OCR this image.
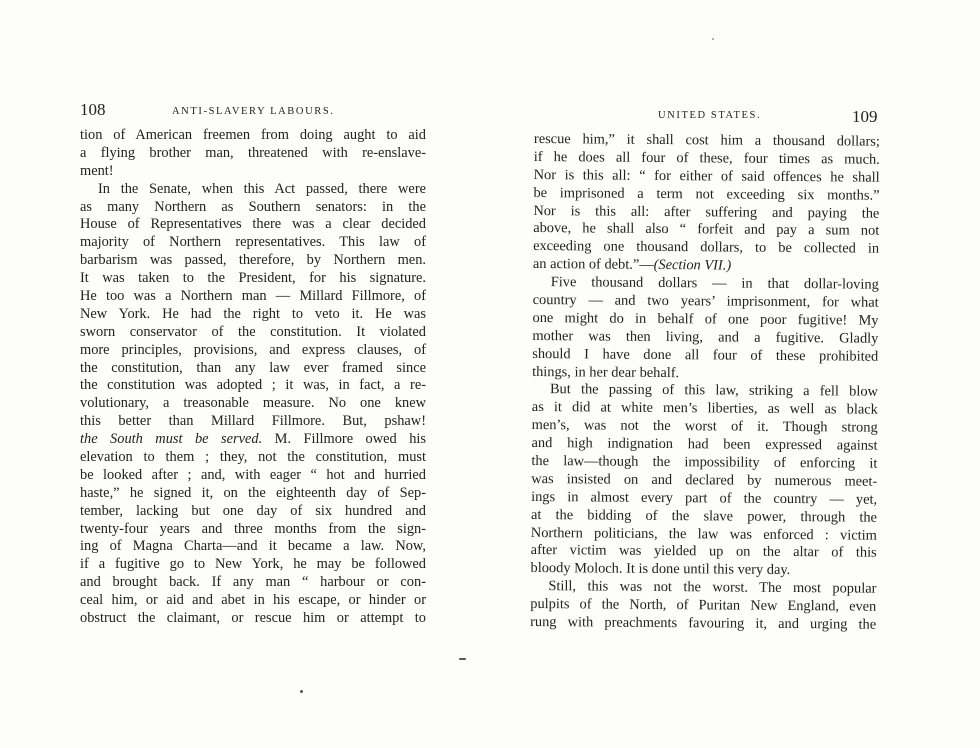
108	ANTI-SLAVERY LABOURS.
tion of American freemen from doing aught to aid
a flying brother man, threatened with re-enslave-
ment!
In the Senate, when this Act passed, there were
as many Northern as Southern senators: in the
House of Representatives there was a clear decided
majority of Northern representatives. This law of
barbarism was passed, therefore, by Northern men.
It was taken to the President, for his signature.
He too was a Northern man — Millard Fillmore, of
New York. He had the right to veto it. He was
sworn conservator of the constitution. It violated
more principles, provisions, and express clauses, of
the constitution, than any law ever framed since
the constitution was adopted ; it was, in fact, a re-
volutionary, a treasonable measure. No one knew
this better than Millard Fillmore. But, pshaw!
the South must be served. M. Fillmore owed his
elevation to them ; they, not the constitution, must
be looked after ; and, with eager “ hot and hurried
haste,” he signed it, on the eighteenth day of Sep-
tember, lacking but one day of six hundred and
twenty-four years and three months from the sign-
ing of Magna Charta—and it became a law. Now,
if a fugitive go to New York, he may be followed
and brought back. If any man “ harbour or con-
ceal him, or aid and abet in his escape, or hinder or
obstruct the claimant, or rescue him or attempt to
UNITED STATES.	109
rescue him,” it shall cost him a thousand dollars;
if he does all four of these, four times as much.
Nor is this all: “ for either of said offences he shall
be imprisoned a term not exceeding six months.”
Nor is this all: after suffering and paying the
above, he shall also “ forfeit and pay a sum not
exceeding one thousand dollars, to be collected in
an action of debt.”—(Section VII.)
Five thousand dollars — in that dollar-loving
country — and two years’ imprisonment, for what
one might do in behalf of one poor fugitive! My
mother was then living, and a fugitive. Gladly
should I have done all four of these prohibited
things, in her dear behalf.
But the passing of this law, striking a fell blow
as it did at white men’s liberties, as well as black
men’s, was not the worst of it. Though strong
and high indignation had been expressed against
the law—though the impossibility of enforcing it
was insisted on and declared by numerous meet-
ings in almost every part of the country — yet,
at the bidding of the slave power, through the
Northern politicians, the law was enforced : victim
after victim was yielded up on the altar of this
bloody Moloch. It is done until this very day.
Still, this was not the worst. The most popular
pulpits of the North, of Puritan New England, even
rung with preachments favouring it, and urging the
